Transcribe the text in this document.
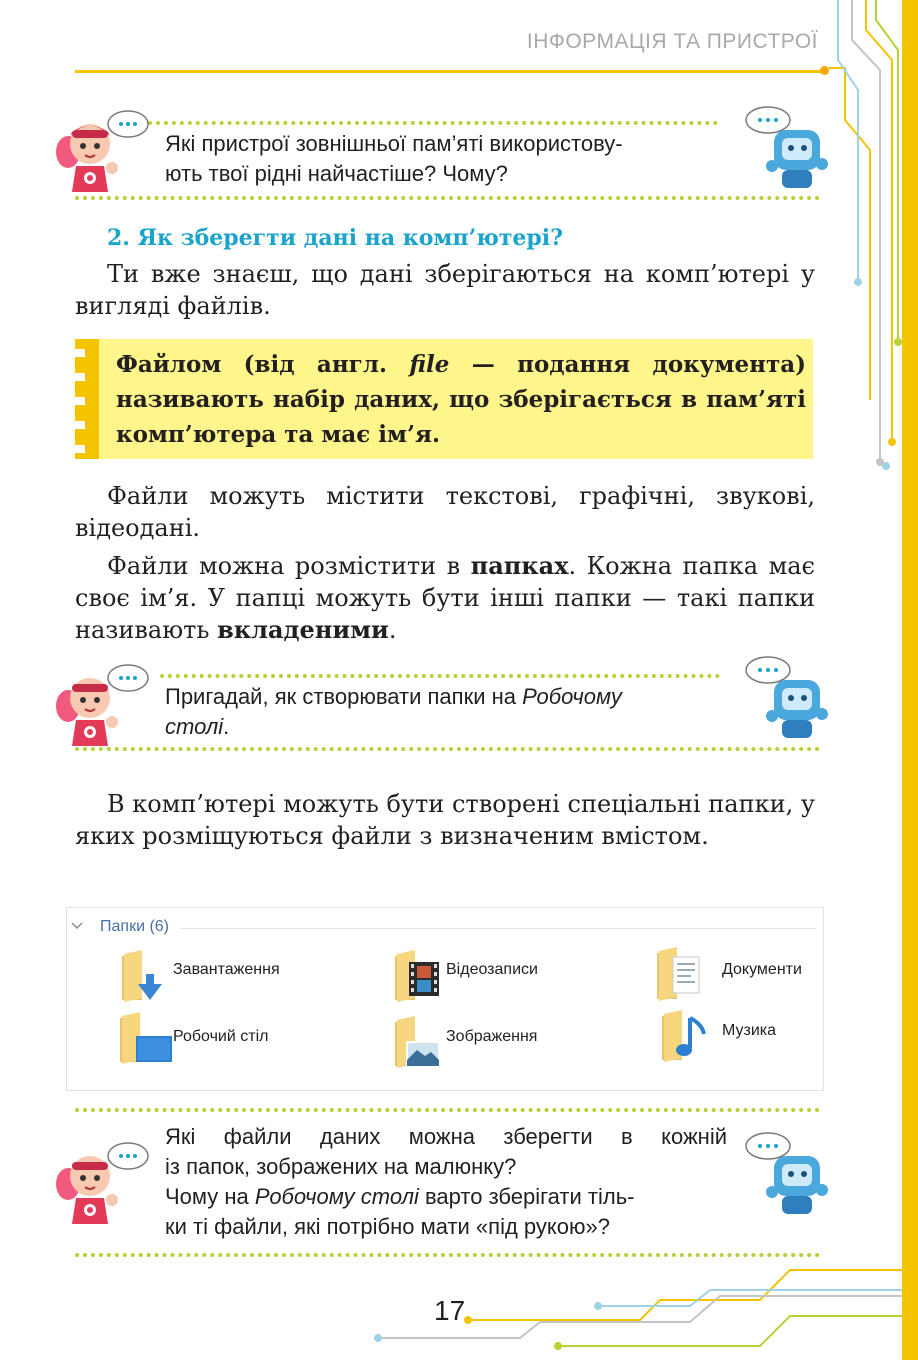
ІНФОРМАЦІЯ ТА ПРИСТРОЇ
Які пристрої зовнішньої пам’яті використову-
ють твої рідні найчастіше? Чому?
2. Як зберегти дані на комп’ютері?
Ти вже знаєш, що дані зберігаються на комп’ютері у вигляді файлів.
Файлом (від англ. file — подання документа) називають набір даних, що зберігається в пам’яті комп’ютера та має ім’я.
Файли можуть містити текстові, графічні, звукові, відеодані.
Файли можна розмістити в папках. Кожна папка має своє ім’я. У папці можуть бути інші папки — такі папки називають вкладеними.
Пригадай, як створювати папки на Робочому
столі.
В комп’ютері можуть бути створені спеціальні папки, у яких розміщуються файли з визначеним вмістом.
Папки (6)
Завантаження	Відеозаписи	Документи
Робочий стіл	Зображення	Музика
Які файли даних можна зберегти в кожній
із папок, зображених на малюнку?
Чому на Робочому столі варто зберігати тіль-
ки ті файли, які потрібно мати «під рукою»?
17
